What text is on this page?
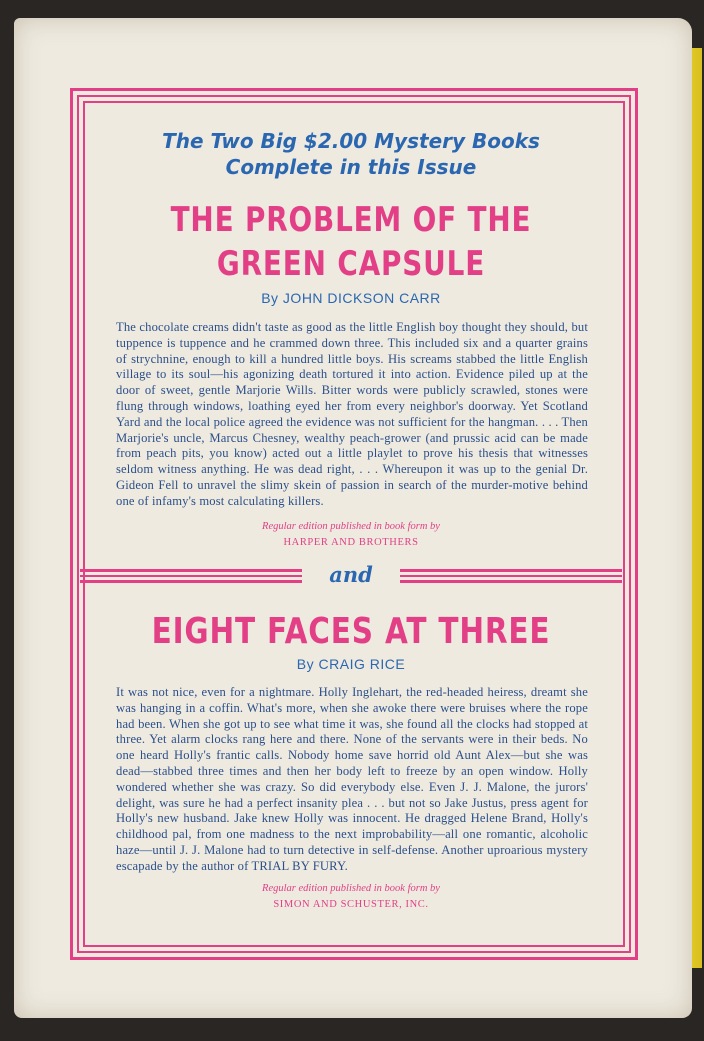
The Two Big $2.00 Mystery Books
Complete in this Issue
THE PROBLEM OF THE
GREEN CAPSULE
By JOHN DICKSON CARR
The chocolate creams didn't taste as good as the little English boy thought they should, but tuppence is tuppence and he crammed down three. This included six and a quarter grains of strychnine, enough to kill a hundred little boys. His screams stabbed the little English village to its soul—his agonizing death tortured it into action. Evidence piled up at the door of sweet, gentle Marjorie Wills. Bitter words were publicly scrawled, stones were flung through windows, loathing eyed her from every neighbor's doorway. Yet Scotland Yard and the local police agreed the evidence was not sufficient for the hangman. . . . Then Marjorie's uncle, Marcus Chesney, wealthy peach-grower (and prussic acid can be made from peach pits, you know) acted out a little playlet to prove his thesis that witnesses seldom witness anything. He was dead right, . . . Whereupon it was up to the genial Dr. Gideon Fell to unravel the slimy skein of passion in search of the murder-motive behind one of infamy's most calculating killers.
Regular edition published in book form by
HARPER AND BROTHERS
and
EIGHT FACES AT THREE
By CRAIG RICE
It was not nice, even for a nightmare. Holly Inglehart, the red-headed heiress, dreamt she was hanging in a coffin. What's more, when she awoke there were bruises where the rope had been. When she got up to see what time it was, she found all the clocks had stopped at three. Yet alarm clocks rang here and there. None of the servants were in their beds. No one heard Holly's frantic calls. Nobody home save horrid old Aunt Alex—but she was dead—stabbed three times and then her body left to freeze by an open window. Holly wondered whether she was crazy. So did everybody else. Even J. J. Malone, the jurors' delight, was sure he had a perfect insanity plea . . . but not so Jake Justus, press agent for Holly's new husband. Jake knew Holly was innocent. He dragged Helene Brand, Holly's childhood pal, from one madness to the next improbability—all one romantic, alcoholic haze—until J. J. Malone had to turn detective in self-defense. Another uproarious mystery escapade by the author of TRIAL BY FURY.
Regular edition published in book form by
SIMON AND SCHUSTER, INC.
